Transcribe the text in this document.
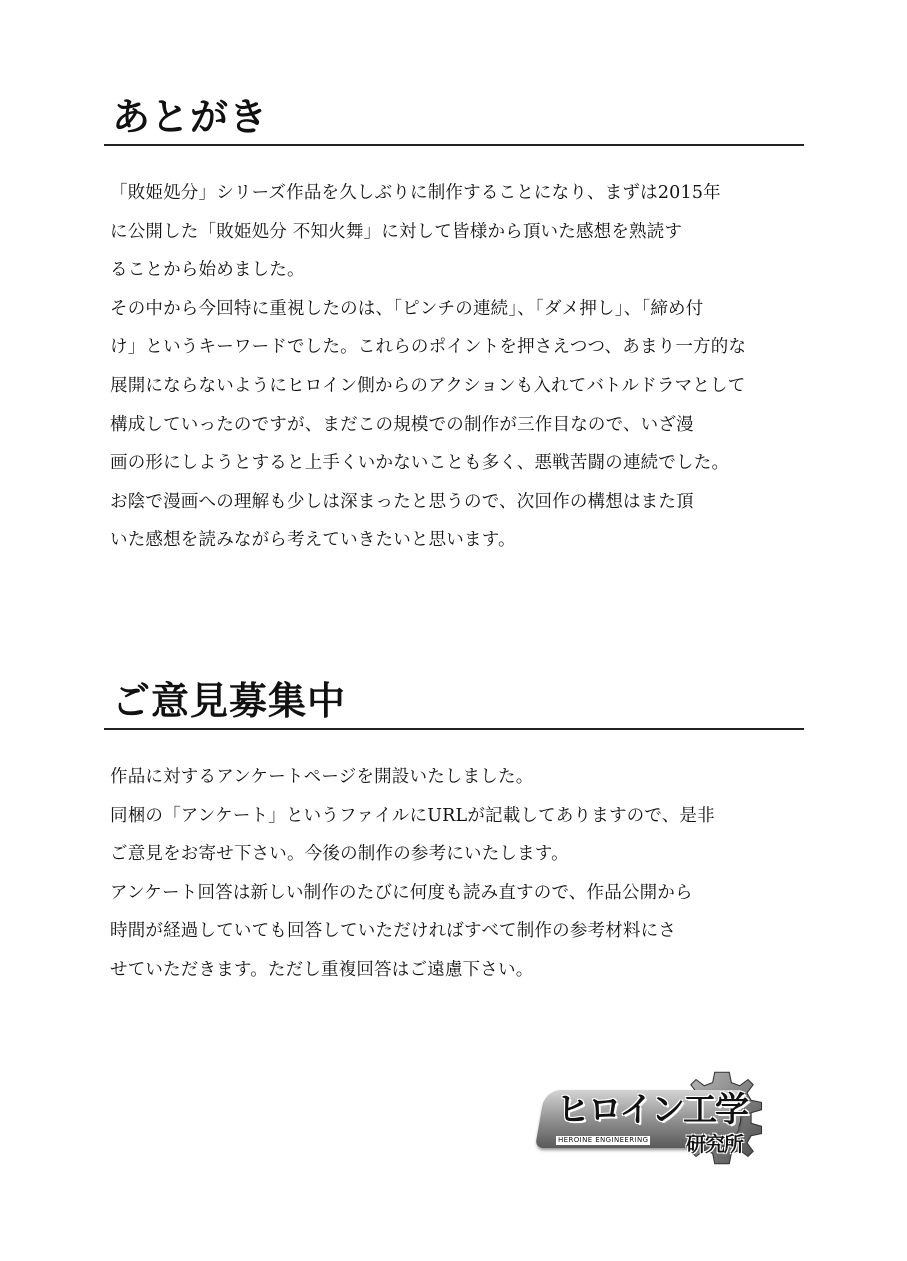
あとがき
「敗姫処分」シリーズ作品を久しぶりに制作することになり、まずは2015年
に公開した「敗姫処分 不知火舞」に対して皆様から頂いた感想を熟読す
ることから始めました。
その中から今回特に重視したのは、「ピンチの連続」、「ダメ押し」、「締め付
け」というキーワードでした。これらのポイントを押さえつつ、あまり一方的な
展開にならないようにヒロイン側からのアクションも入れてバトルドラマとして
構成していったのですが、まだこの規模での制作が三作目なので、いざ漫
画の形にしようとすると上手くいかないことも多く、悪戦苦闘の連続でした。
お陰で漫画への理解も少しは深まったと思うので、次回作の構想はまた頂
いた感想を読みながら考えていきたいと思います。
ご意見募集中
作品に対するアンケートページを開設いたしました。
同梱の「アンケート」というファイルにURLが記載してありますので、是非
ご意見をお寄せ下さい。今後の制作の参考にいたします。
アンケート回答は新しい制作のたびに何度も読み直すので、作品公開から
時間が経過していても回答していただければすべて制作の参考材料にさ
せていただきます。ただし重複回答はご遠慮下さい。
ヒロイン工学
HEROINE ENGINEERING 研究所
